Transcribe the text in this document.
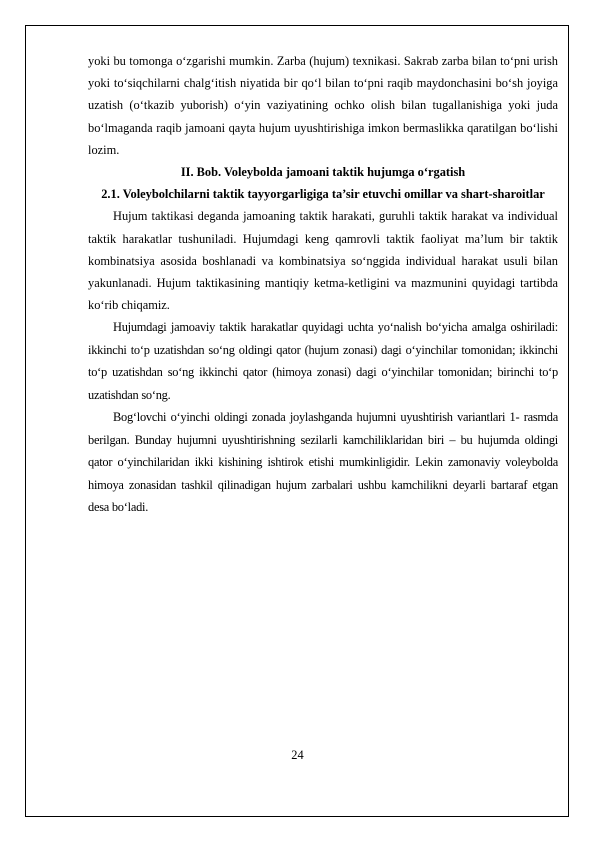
yoki bu tomonga o‘zgarishi mumkin. Zarba (hujum) texnikasi. Sakrab zarba bilan to‘pni urish yoki to‘siqchilarni chalg‘itish niyatida bir qo‘l bilan to‘pni raqib maydonchasini bo‘sh joyiga uzatish (o‘tkazib yuborish) o‘yin vaziyatining ochko olish bilan tugallanishiga yoki juda bo‘lmaganda raqib jamoani qayta hujum uyushtirishiga imkon bermaslikka qaratilgan bo‘lishi lozim.

II. Bob. Voleybolda jamoani taktik hujumga o‘rgatish

2.1. Voleybolchilarni taktik tayyorgarligiga ta’sir etuvchi omillar va shart-sharoitlar

Hujum taktikasi deganda jamoaning taktik harakati, guruhli taktik harakat va individual taktik harakatlar tushuniladi. Hujumdagi keng qamrovli taktik faoliyat ma’lum bir taktik kombinatsiya asosida boshlanadi va kombinatsiya so‘nggida individual harakat usuli bilan yakunlanadi. Hujum taktikasining mantiqiy ketma-ketligini va mazmunini quyidagi tartibda ko‘rib chiqamiz.

Hujumdagi jamoaviy taktik harakatlar quyidagi uchta yo‘nalish bo‘yicha amalga oshiriladi: ikkinchi to‘p uzatishdan so‘ng oldingi qator (hujum zonasi) dagi o‘yinchilar tomonidan; ikkinchi to‘p uzatishdan so‘ng ikkinchi qator (himoya zonasi) dagi o‘yinchilar tomonidan; birinchi to‘p uzatishdan so‘ng.

Bog‘lovchi o‘yinchi oldingi zonada joylashganda hujumni uyushtirish variantlari 1- rasmda berilgan. Bunday hujumni uyushtirishning sezilarli kamchiliklaridan biri – bu hujumda oldingi qator o‘yinchilaridan ikki kishining ishtirok etishi mumkinligidir. Lekin zamonaviy voleybolda himoya zonasidan tashkil qilinadigan hujum zarbalari ushbu kamchilikni deyarli bartaraf etgan desa bo‘ladi.

24
